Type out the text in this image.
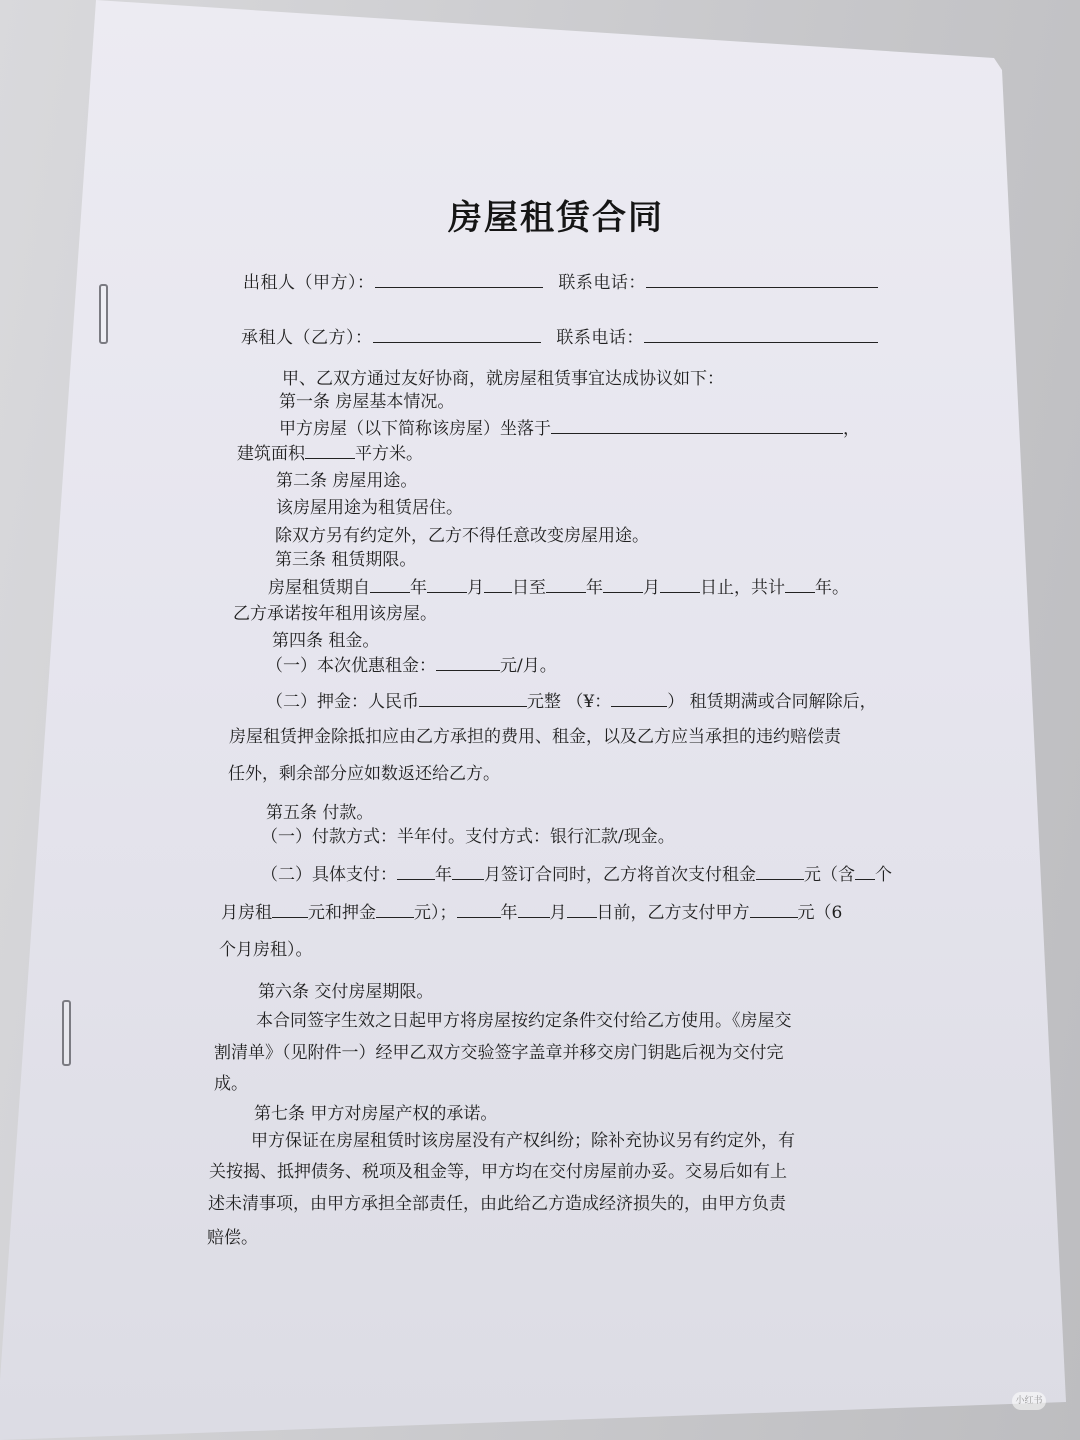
房屋租赁合同
出租人（甲方）：	联系电话：
承租人（乙方）：	联系电话：
甲、乙双方通过友好协商，就房屋租赁事宜达成协议如下：
第一条 房屋基本情况。
甲方房屋（以下简称该房屋）坐落于	，
建筑面积	平方米。
第二条 房屋用途。
该房屋用途为租赁居住。
除双方另有约定外，乙方不得任意改变房屋用途。
第三条 租赁期限。
房屋租赁期自 年 月 日至 年 月 日止，共计 年。
乙方承诺按年租用该房屋。
第四条 租金。
（一）本次优惠租金：	元/月。
（二）押金：人民币	元整 （¥：	） 租赁期满或合同解除后，
房屋租赁押金除抵扣应由乙方承担的费用、租金，以及乙方应当承担的违约赔偿责
任外，剩余部分应如数返还给乙方。
第五条 付款。
（一）付款方式：半年付。支付方式：银行汇款/现金。
（二）具体支付： 年 月签订合同时，乙方将首次支付租金	元（含 个
月房租 元和押金 元）；	年 月 日前，乙方支付甲方	元（6
个月房租）。
第六条 交付房屋期限。
本合同签字生效之日起甲方将房屋按约定条件交付给乙方使用。《房屋交
割清单》（见附件一）经甲乙双方交验签字盖章并移交房门钥匙后视为交付完
成。
第七条 甲方对房屋产权的承诺。
甲方保证在房屋租赁时该房屋没有产权纠纷；除补充协议另有约定外，有
关按揭、抵押债务、税项及租金等，甲方均在交付房屋前办妥。交易后如有上
述未清事项，由甲方承担全部责任，由此给乙方造成经济损失的，由甲方负责
赔偿。
小红书
